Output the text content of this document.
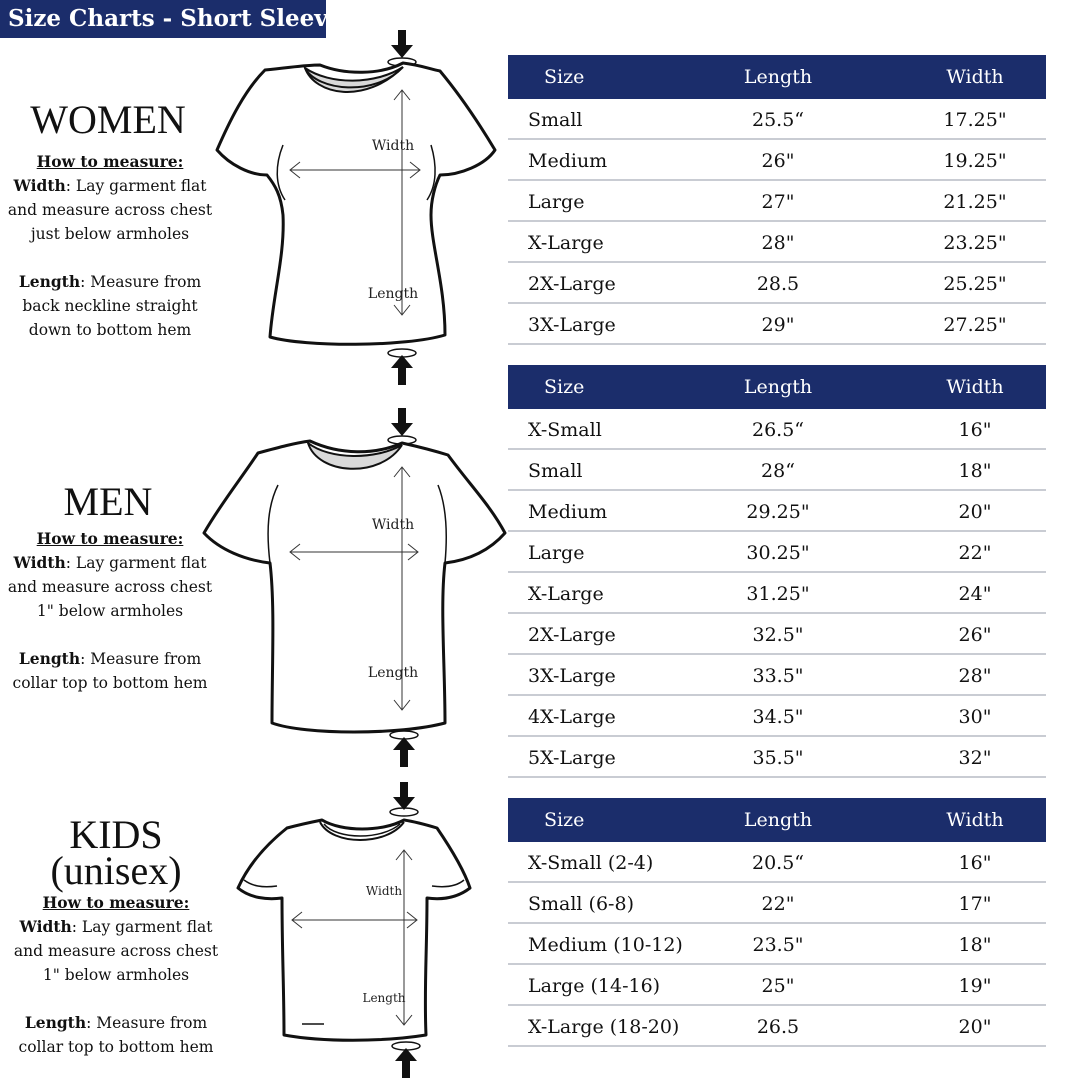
Size Charts - Short Sleeve
WOMEN
How to measure:
Width: Lay garment flat and measure across chest just below armholes
Length: Measure from back neckline straight down to bottom hem
Width
Length
Size	Length	Width
Small	25.5“	17.25"
Medium	26"	19.25"
Large	27"	21.25"
X-Large	28"	23.25"
2X-Large	28.5	25.25"
3X-Large	29"	27.25"
MEN
How to measure:
Width: Lay garment flat and measure across chest 1" below armholes
Length: Measure from collar top to bottom hem
Width
Length
Size	Length	Width
X-Small	26.5“	16"
Small	28“	18"
Medium	29.25"	20"
Large	30.25"	22"
X-Large	31.25"	24"
2X-Large	32.5"	26"
3X-Large	33.5"	28"
4X-Large	34.5"	30"
5X-Large	35.5"	32"
KIDS
(unisex)
How to measure:
Width: Lay garment flat and measure across chest 1" below armholes
Length: Measure from collar top to bottom hem
Width
Length
Size	Length	Width
X-Small (2-4)	20.5“	16"
Small (6-8)	22"	17"
Medium (10-12)	23.5"	18"
Large (14-16)	25"	19"
X-Large (18-20)	26.5	20"
